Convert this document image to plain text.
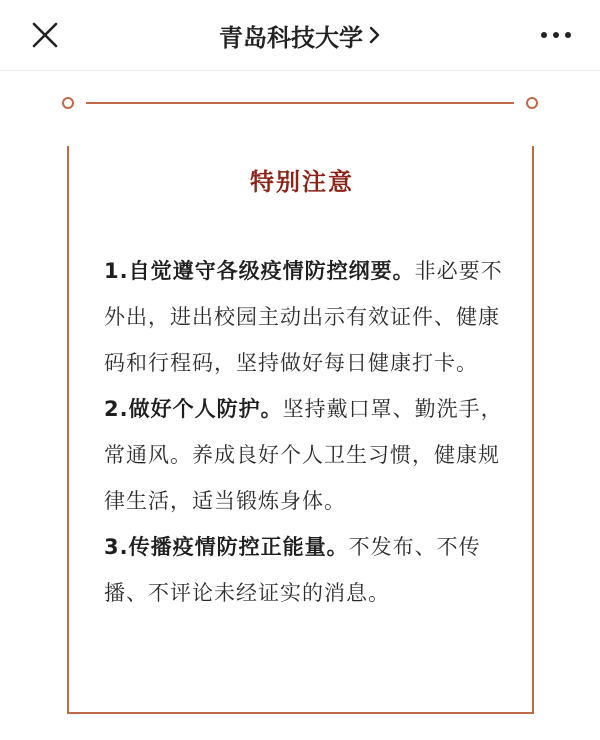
青岛科技大学
特别注意

1.自觉遵守各级疫情防控纲要。非必要不外出，进出校园主动出示有效证件、健康码和行程码，坚持做好每日健康打卡。

2.做好个人防护。坚持戴口罩、勤洗手，常通风。养成良好个人卫生习惯，健康规律生活，适当锻炼身体。

3.传播疫情防控正能量。不发布、不传播、不评论未经证实的消息。
